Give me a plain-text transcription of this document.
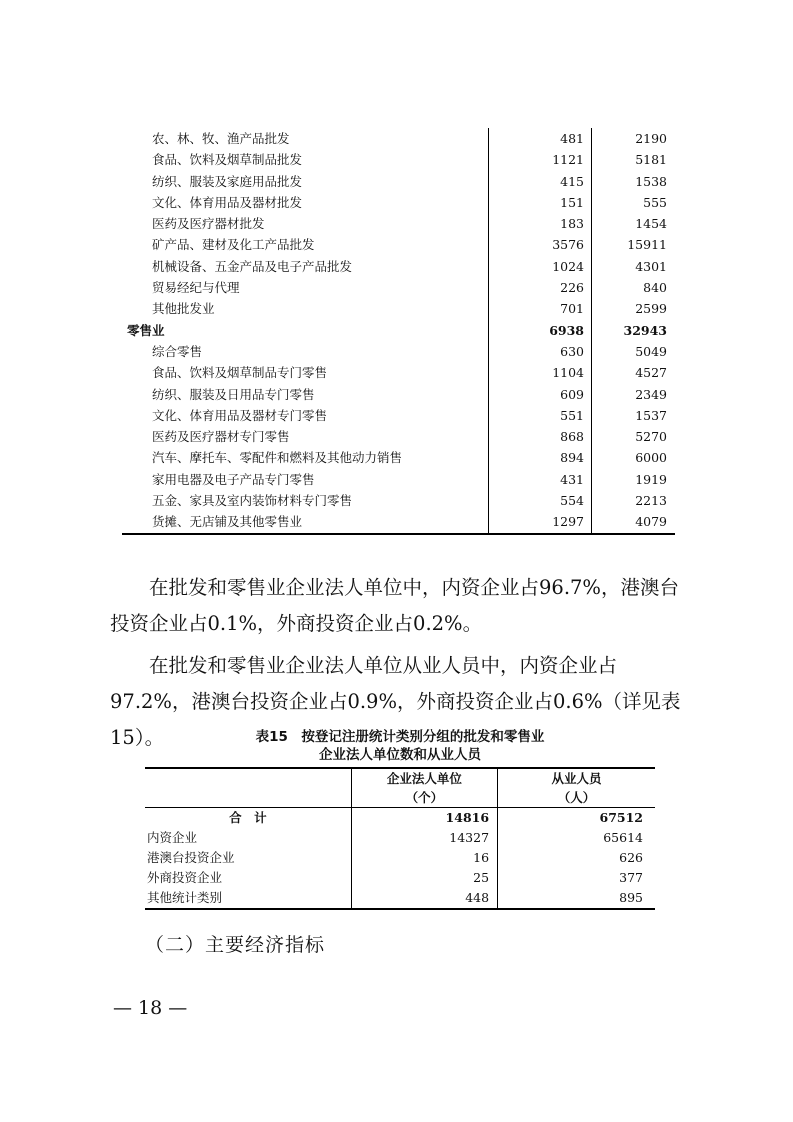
农、林、牧、渔产品批发	481	2190
食品、饮料及烟草制品批发	1121	5181
纺织、服装及家庭用品批发	415	1538
文化、体育用品及器材批发	151	555
医药及医疗器材批发	183	1454
矿产品、建材及化工产品批发	3576	15911
机械设备、五金产品及电子产品批发	1024	4301
贸易经纪与代理	226	840
其他批发业	701	2599
零售业	6938	32943
综合零售	630	5049
食品、饮料及烟草制品专门零售	1104	4527
纺织、服装及日用品专门零售	609	2349
文化、体育用品及器材专门零售	551	1537
医药及医疗器材专门零售	868	5270
汽车、摩托车、零配件和燃料及其他动力销售	894	6000
家用电器及电子产品专门零售	431	1919
五金、家具及室内装饰材料专门零售	554	2213
货摊、无店铺及其他零售业	1297	4079

在批发和零售业企业法人单位中，内资企业占96.7%，港澳台投资企业占0.1%，外商投资企业占0.2%。

在批发和零售业企业法人单位从业人员中，内资企业占97.2%，港澳台投资企业占0.9%，外商投资企业占0.6%（详见表15）。	表15　按登记注册统计类别分组的批发和零售业
企业法人单位数和从业人员
	企业法人单位	从业人员
	（个）	（人）
合　计	14816	67512
内资企业	14327	65614
港澳台投资企业	16	626
外商投资企业	25	377
其他统计类别	448	895
（二）主要经济指标
— 18 —
